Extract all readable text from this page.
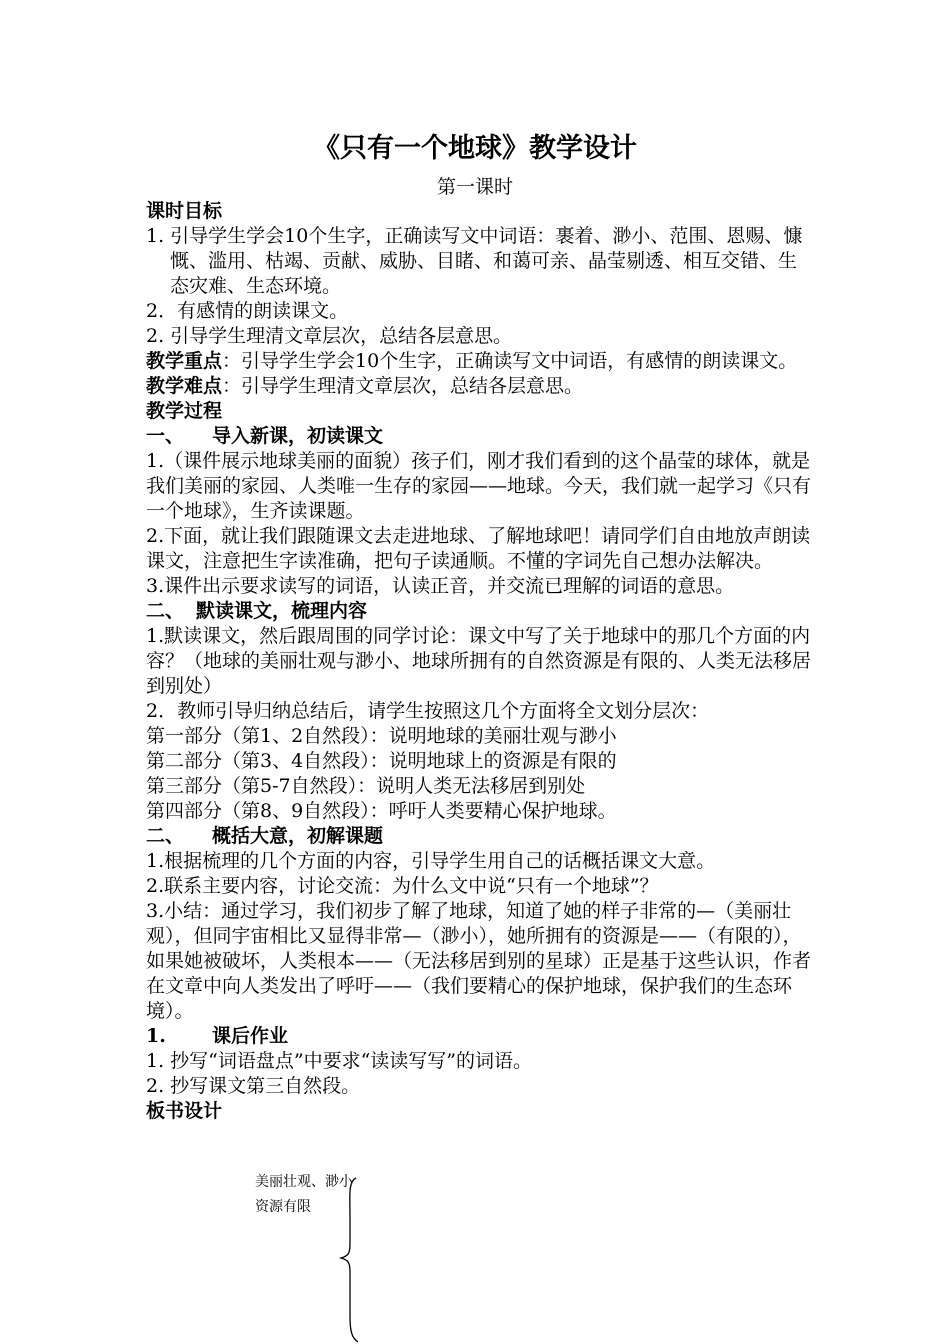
《只有一个地球》教学设计
第一课时

课时目标

1. 引导学生学会10个生字，正确读写文中词语：裹着、渺小、范围、恩赐、慷慨、滥用、枯竭、贡献、威胁、目睹、和蔼可亲、晶莹剔透、相互交错、生态灾难、生态环境。

2．有感情的朗读课文。

2. 引导学生理清文章层次，总结各层意思。

教学重点：引导学生学会10个生字，正确读写文中词语，有感情的朗读课文。

教学难点：引导学生理清文章层次，总结各层意思。

教学过程

一、 导入新课，初读课文

1.（课件展示地球美丽的面貌）孩子们，刚才我们看到的这个晶莹的球体，就是我们美丽的家园、人类唯一生存的家园——地球。今天，我们就一起学习《只有一个地球》，生齐读课题。

2.下面，就让我们跟随课文去走进地球、了解地球吧！请同学们自由地放声朗读课文，注意把生字读准确，把句子读通顺。不懂的字词先自己想办法解决。

3.课件出示要求读写的词语，认读正音，并交流已理解的词语的意思。

二、 默读课文，梳理内容

1.默读课文，然后跟周围的同学讨论：课文中写了关于地球中的那几个方面的内容？（地球的美丽壮观与渺小、地球所拥有的自然资源是有限的、人类无法移居到别处）

2．教师引导归纳总结后，请学生按照这几个方面将全文划分层次：

第一部分（第1、2自然段）：说明地球的美丽壮观与渺小

第二部分（第3、4自然段）：说明地球上的资源是有限的

第三部分（第5-7自然段）：说明人类无法移居到别处

第四部分（第8、9自然段）：呼吁人类要精心保护地球。

二、 概括大意，初解课题

1.根据梳理的几个方面的内容，引导学生用自己的话概括课文大意。

2.联系主要内容，讨论交流：为什么文中说“只有一个地球”？

3.小结：通过学习，我们初步了解了地球，知道了她的样子非常的—（美丽壮观），但同宇宙相比又显得非常—（渺小），她所拥有的资源是——（有限的），如果她被破坏，人类根本——（无法移居到别的星球）正是基于这些认识，作者在文章中向人类发出了呼吁——（我们要精心的保护地球，保护我们的生态环境）。

1. 课后作业

1. 抄写“词语盘点”中要求“读读写写”的词语。

2. 抄写课文第三自然段。

板书设计

美丽壮观、渺小
资源有限
